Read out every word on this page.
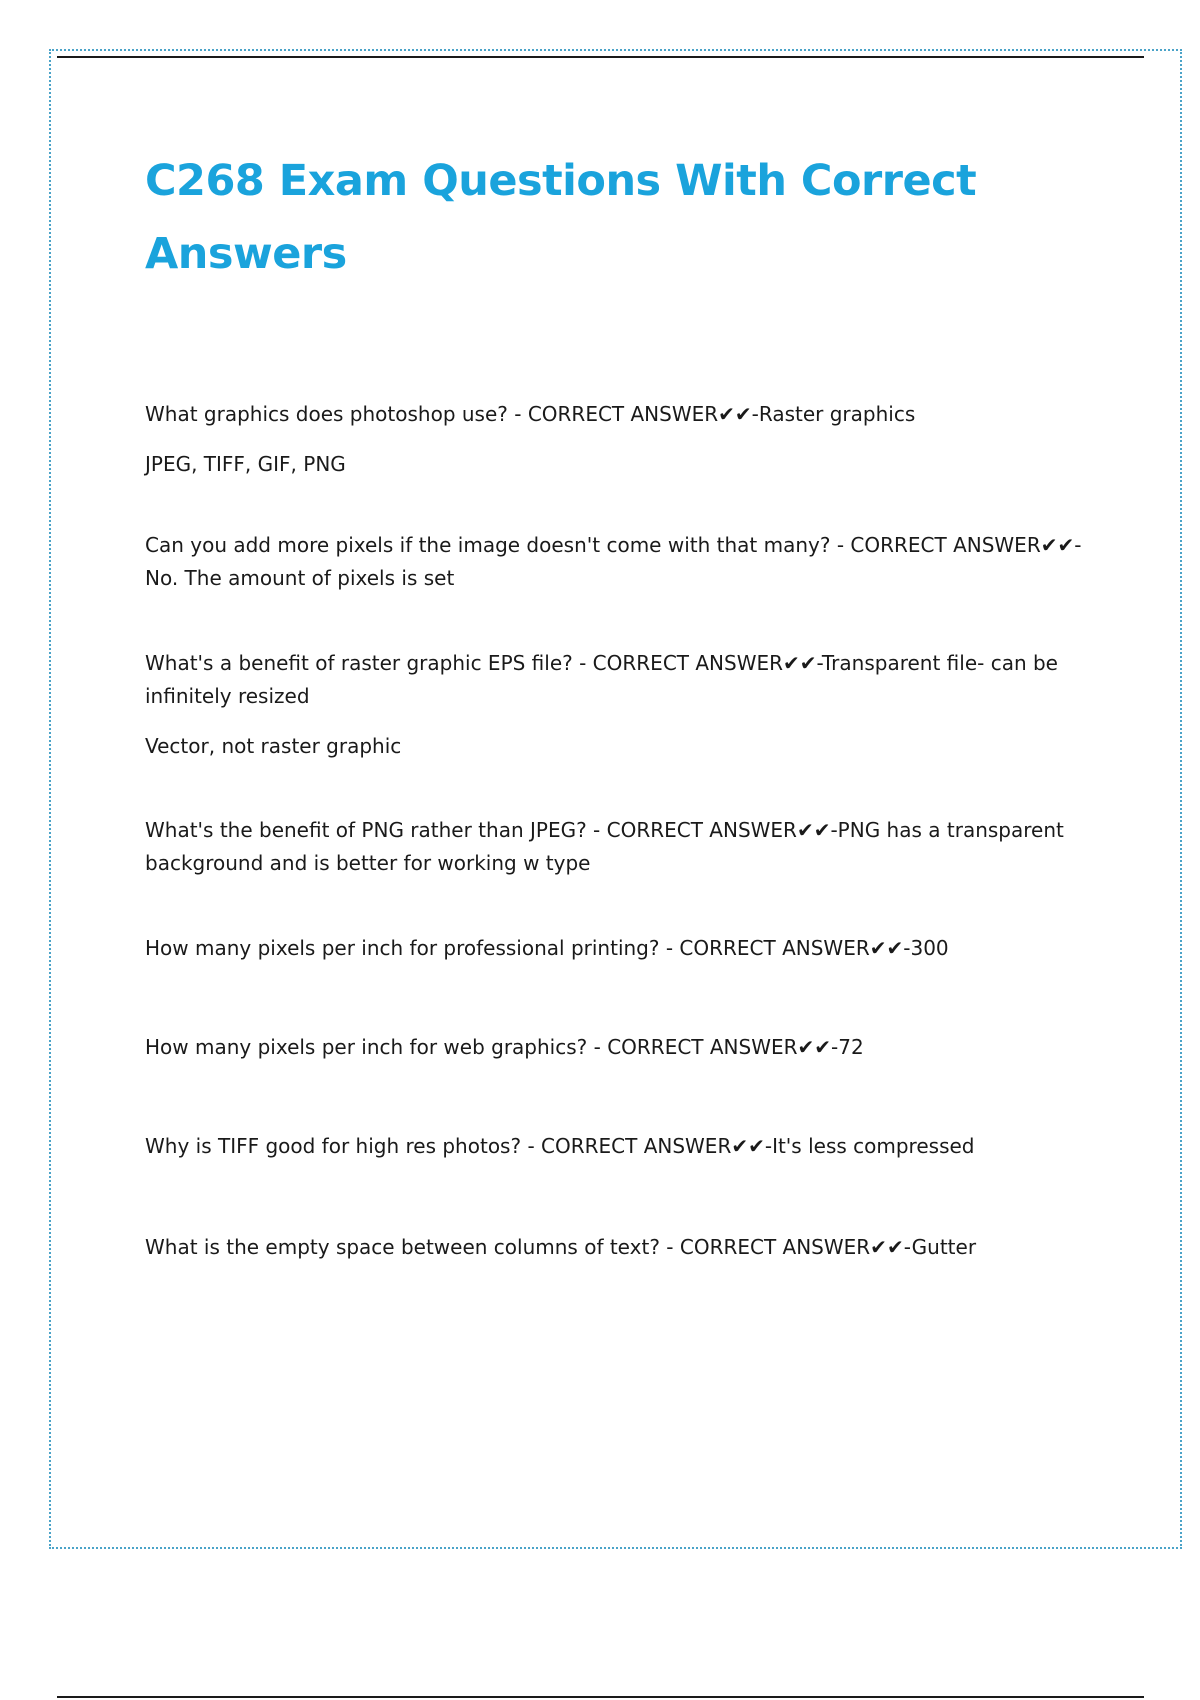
C268 Exam Questions With Correct Answers

What graphics does photoshop use? - CORRECT ANSWER✔✔-Raster graphics

JPEG, TIFF, GIF, PNG

Can you add more pixels if the image doesn't come with that many? - CORRECT ANSWER✔✔-No. The amount of pixels is set

What's a benefit of raster graphic EPS file? - CORRECT ANSWER✔✔-Transparent file- can be infinitely resized

Vector, not raster graphic

What's the benefit of PNG rather than JPEG? - CORRECT ANSWER✔✔-PNG has a transparent background and is better for working w type

How many pixels per inch for professional printing? - CORRECT ANSWER✔✔-300

How many pixels per inch for web graphics? - CORRECT ANSWER✔✔-72

Why is TIFF good for high res photos? - CORRECT ANSWER✔✔-It's less compressed

What is the empty space between columns of text? - CORRECT ANSWER✔✔-Gutter
